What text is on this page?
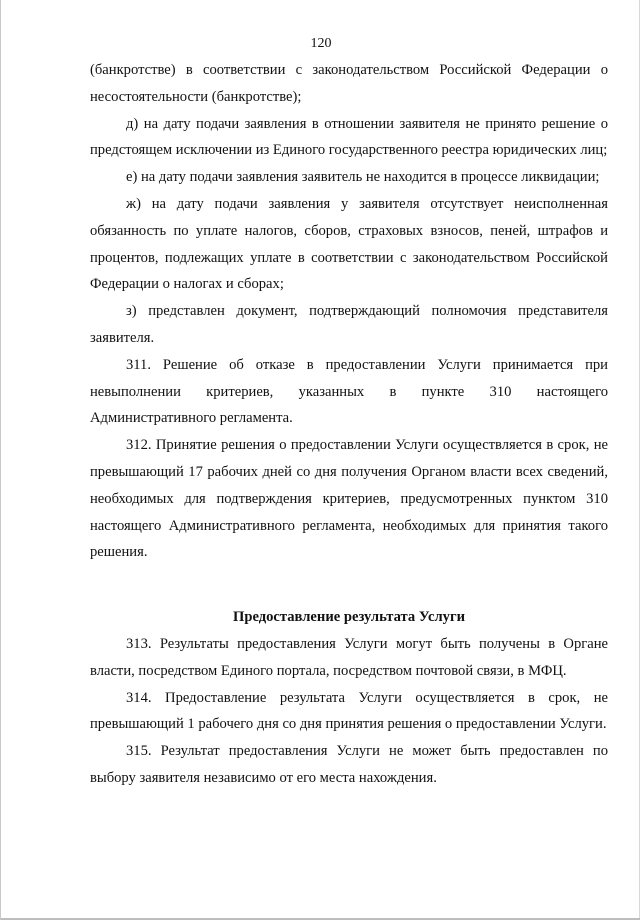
120

(банкротстве) в соответствии с законодательством Российской Федерации о несостоятельности (банкротстве);

д) на дату подачи заявления в отношении заявителя не принято решение о предстоящем исключении из Единого государственного реестра юридических лиц;

е) на дату подачи заявления заявитель не находится в процессе ликвидации;

ж) на дату подачи заявления у заявителя отсутствует неисполненная обязанность по уплате налогов, сборов, страховых взносов, пеней, штрафов и процентов, подлежащих уплате в соответствии с законодательством Российской Федерации о налогах и сборах;

з) представлен документ, подтверждающий полномочия представителя заявителя.

311. Решение об отказе в предоставлении Услуги принимается при невыполнении критериев, указанных в пункте 310 настоящего Административного регламента.

312. Принятие решения о предоставлении Услуги осуществляется в срок, не превышающий 17 рабочих дней со дня получения Органом власти всех сведений, необходимых для подтверждения критериев, предусмотренных пунктом 310 настоящего Административного регламента, необходимых для принятия такого решения.

Предоставление результата Услуги

313. Результаты предоставления Услуги могут быть получены в Органе власти, посредством Единого портала, посредством почтовой связи, в МФЦ.

314. Предоставление результата Услуги осуществляется в срок, не превышающий 1 рабочего дня со дня принятия решения о предоставлении Услуги.

315. Результат предоставления Услуги не может быть предоставлен по выбору заявителя независимо от его места нахождения.
